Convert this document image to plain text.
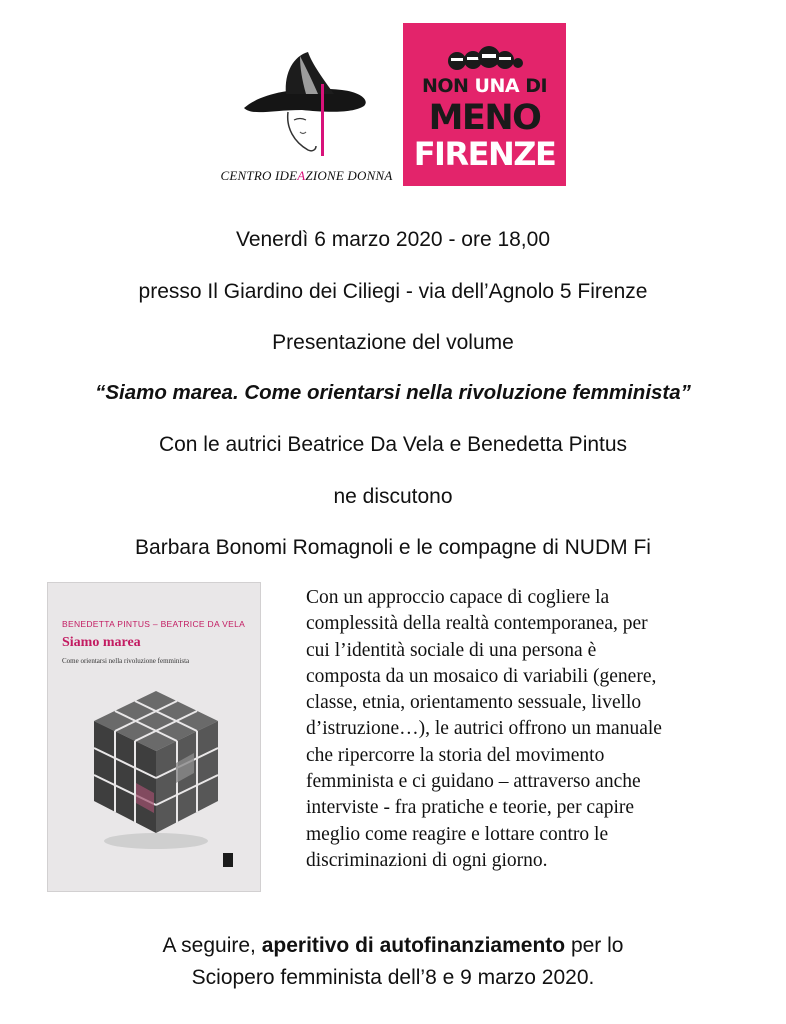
CENTRO IDEAZIONE DONNA
NON UNA DI
MENO
FIRENZE
Venerdì 6 marzo 2020 - ore 18,00
presso Il Giardino dei Ciliegi - via dell’Agnolo 5 Firenze
Presentazione del volume
“Siamo marea. Come orientarsi nella rivoluzione femminista”
Con le autrici Beatrice Da Vela e Benedetta Pintus
ne discutono
Barbara Bonomi Romagnoli e le compagne di NUDM Fi
BENEDETTA PINTUS – BEATRICE DA VELA
Siamo marea
Come orientarsi nella rivoluzione femminista
Con un approccio capace di cogliere la
complessità della realtà contemporanea, per
cui l’identità sociale di una persona è
composta da un mosaico di variabili (genere,
classe, etnia, orientamento sessuale, livello
d’istruzione…), le autrici offrono un manuale
che ripercorre la storia del movimento
femminista e ci guidano – attraverso anche
interviste - fra pratiche e teorie, per capire
meglio come reagire e lottare contro le
discriminazioni di ogni giorno.
A seguire, aperitivo di autofinanziamento per lo
Sciopero femminista dell’8 e 9 marzo 2020.
